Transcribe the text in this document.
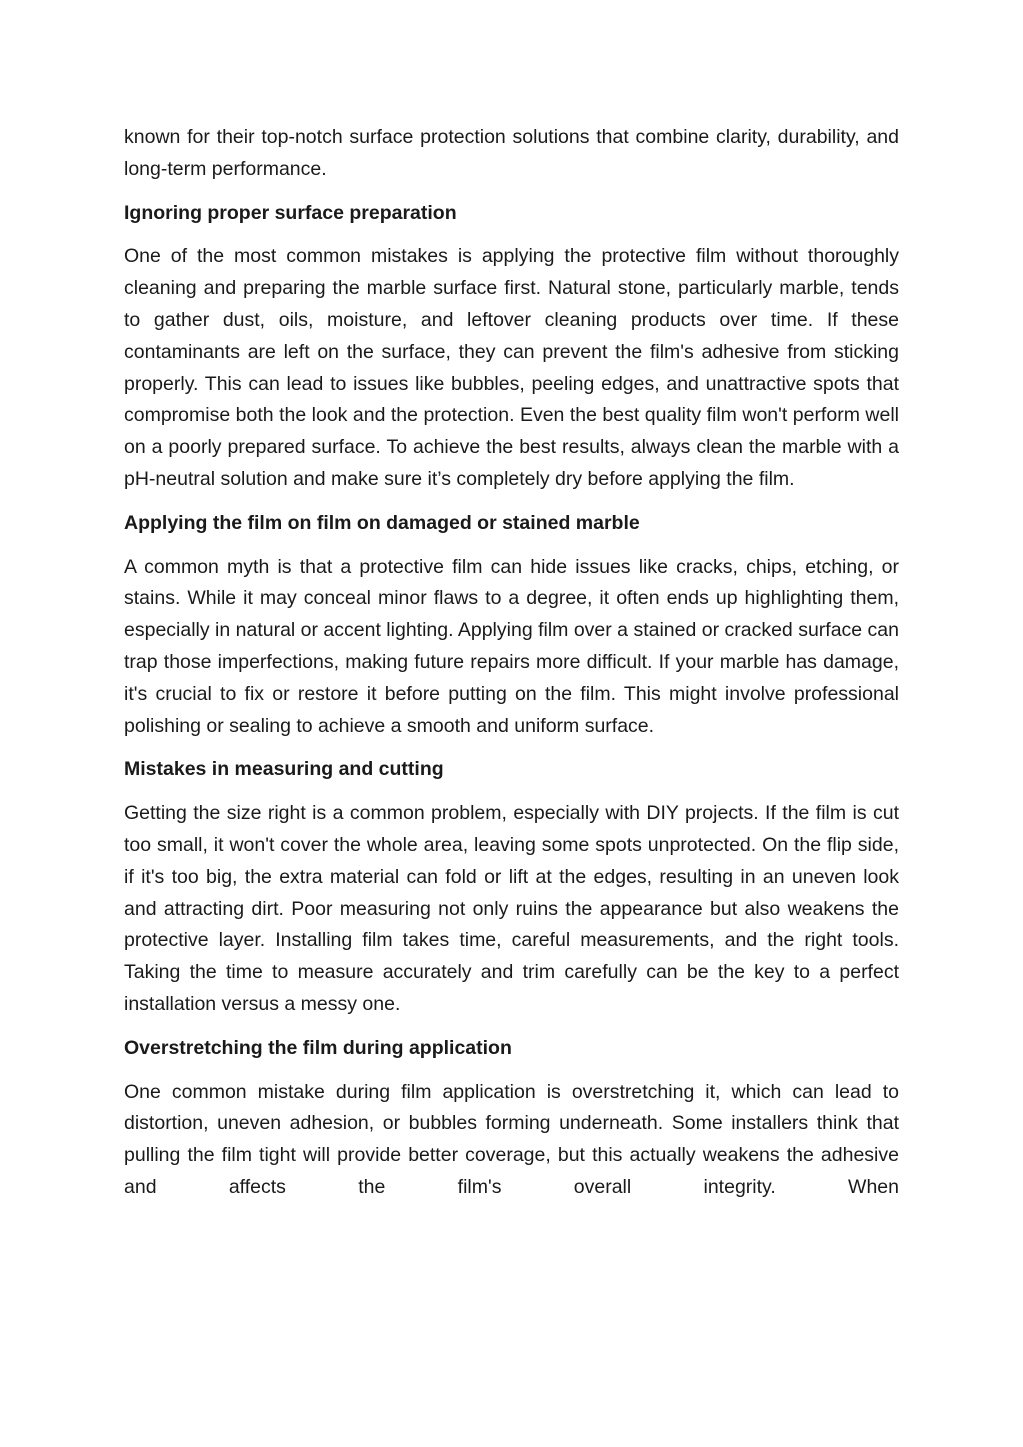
known for their top-notch surface protection solutions that combine clarity, durability, and long-term performance.

Ignoring proper surface preparation

One of the most common mistakes is applying the protective film without thoroughly cleaning and preparing the marble surface first. Natural stone, particularly marble, tends to gather dust, oils, moisture, and leftover cleaning products over time. If these contaminants are left on the surface, they can prevent the film's adhesive from sticking properly. This can lead to issues like bubbles, peeling edges, and unattractive spots that compromise both the look and the protection. Even the best quality film won't perform well on a poorly prepared surface. To achieve the best results, always clean the marble with a pH-neutral solution and make sure it’s completely dry before applying the film.

Applying the film on film on damaged or stained marble

A common myth is that a protective film can hide issues like cracks, chips, etching, or stains. While it may conceal minor flaws to a degree, it often ends up highlighting them, especially in natural or accent lighting. Applying film over a stained or cracked surface can trap those imperfections, making future repairs more difficult. If your marble has damage, it's crucial to fix or restore it before putting on the film. This might involve professional polishing or sealing to achieve a smooth and uniform surface.

Mistakes in measuring and cutting

Getting the size right is a common problem, especially with DIY projects. If the film is cut too small, it won't cover the whole area, leaving some spots unprotected. On the flip side, if it's too big, the extra material can fold or lift at the edges, resulting in an uneven look and attracting dirt. Poor measuring not only ruins the appearance but also weakens the protective layer. Installing film takes time, careful measurements, and the right tools. Taking the time to measure accurately and trim carefully can be the key to a perfect installation versus a messy one.

Overstretching the film during application

One common mistake during film application is overstretching it, which can lead to distortion, uneven adhesion, or bubbles forming underneath. Some installers think that pulling the film tight will provide better coverage, but this actually weakens the adhesive and affects the film's overall integrity. When
